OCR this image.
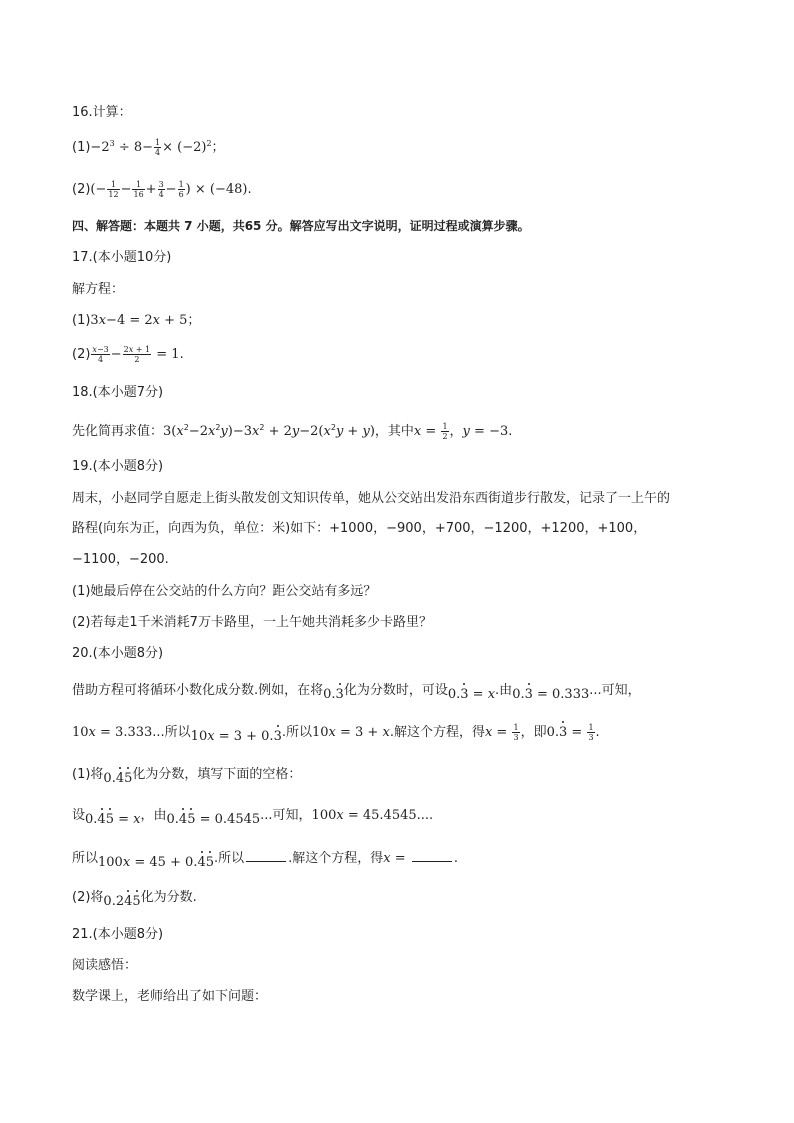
16.计算：
$(1)-2^3 \div 8- \frac{1}{4} \times (-2)^2$；
$(2)(- \frac{1}{12} - \frac{1}{16} + \frac{3}{4} - \frac{1}{6}$ ) × (−48).
四、解答题：本题共 7 小题，共65 分。解答应写出文字说明，证明过程或演算步骤。
17.(本小题10分)
解方程：
(1)3x−4 = 2x + 5；
$(2) \frac{x-3}{4} - \frac{2x + 1}{2} = 1$.
18.(本小题7分)
先化简再求值：$3(x^2-2x^2y)-3x^2 + 2y-2(x^2y + y)$，其中$x = \frac{1}{2}$ ，y = −3.
19.(本小题8分)
周末，小赵同学自愿走上街头散发创文知识传单，她从公交站出发沿东西街道步行散发，记录了一上午的
路程(向东为正，向西为负，单位：米)如下：+1000，−900，+700，−1200，+1200，+100，
−1100，−200.
(1)她最后停在公交站的什么方向？距公交站有多远？
(2)若每走1千米消耗7万卡路里，一上午她共消耗多少卡路里？
20.(本小题8分)
借助方程可将循环小数化成分数.例如，在将0.3化为分数时，可设0.3 = x.由0.3 = 0.333...可知，
10x = 3.333...所以10x = 3 + 0.3.所以10x = 3 + x.解这个方程，得$x = \frac{1}{3}$ ，即$0.3 = \frac{1}{3}$ .
(1)将0.45化为分数，填写下面的空格：
设0.45 = x，由0.45 = 0.4545...可知，100x = 45.4545....
所以100x = 45 + 0.45.所以	.解这个方程，得x =	.
(2)将0.245化为分数.
21.(本小题8分)
阅读感悟：
数学课上，老师给出了如下问题：
